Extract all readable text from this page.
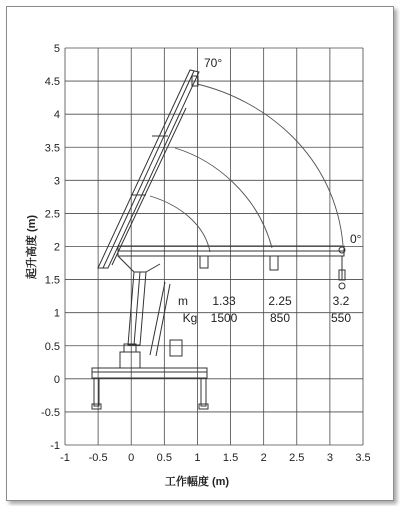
70°
0°
m
Kg
1.33
1500
2.25
850
3.2
550
工作幅度 (m)
起升高度 (m)
-1 -0.5 0 0.5 1 1.5 2 2.5 3 3.5
-1
-0.5
0
0.5
1
1.5
2
2.5
3
3.5
4
4.5
5
